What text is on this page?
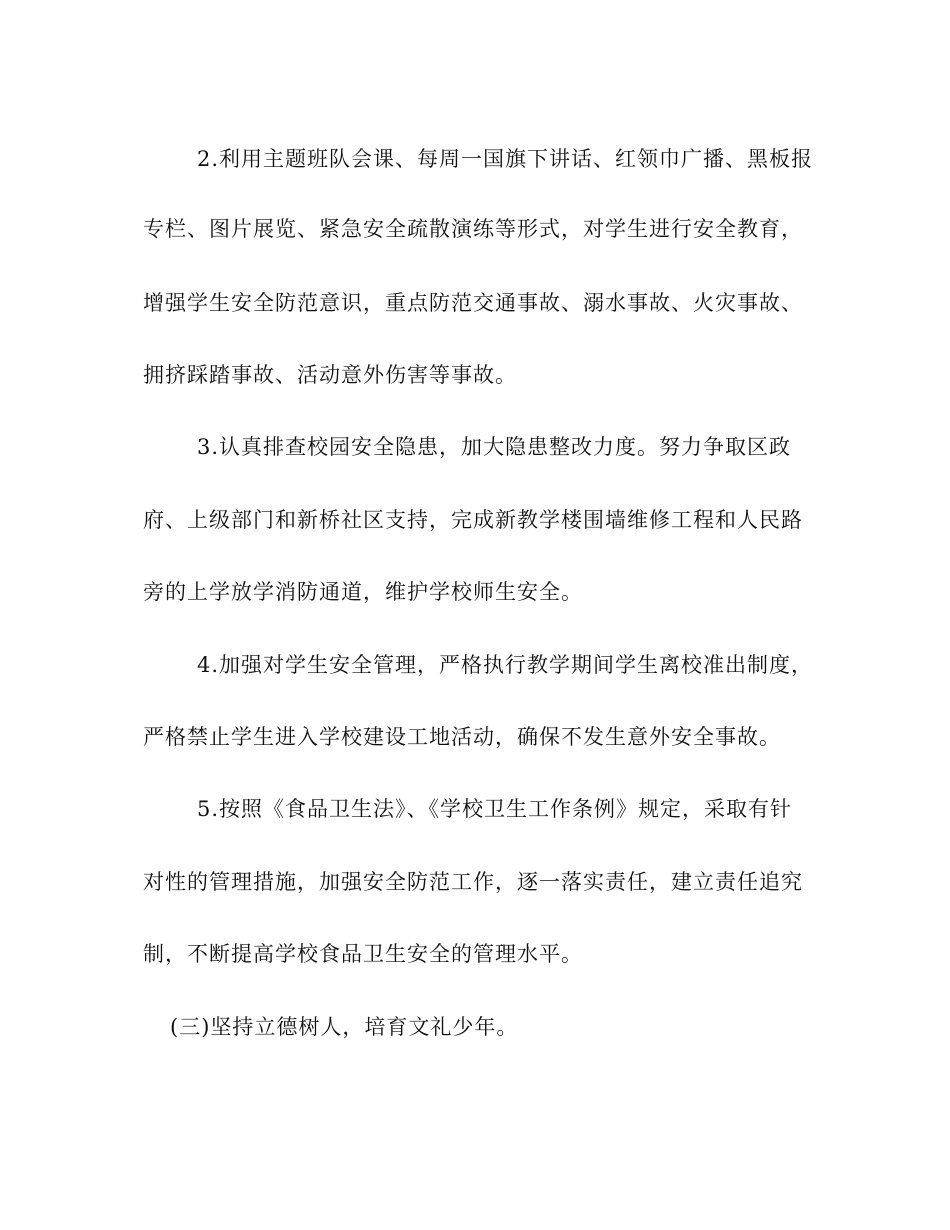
2.利用主题班队会课、每周一国旗下讲话、红领巾广播、黑板报
专栏、图片展览、紧急安全疏散演练等形式，对学生进行安全教育，
增强学生安全防范意识，重点防范交通事故、溺水事故、火灾事故、
拥挤踩踏事故、活动意外伤害等事故。
3.认真排查校园安全隐患，加大隐患整改力度。努力争取区政
府、上级部门和新桥社区支持，完成新教学楼围墙维修工程和人民路
旁的上学放学消防通道，维护学校师生安全。
4.加强对学生安全管理，严格执行教学期间学生离校准出制度，
严格禁止学生进入学校建设工地活动，确保不发生意外安全事故。
5.按照《食品卫生法》、《学校卫生工作条例》规定，采取有针
对性的管理措施，加强安全防范工作，逐一落实责任，建立责任追究
制，不断提高学校食品卫生安全的管理水平。
(三)坚持立德树人，培育文礼少年。
